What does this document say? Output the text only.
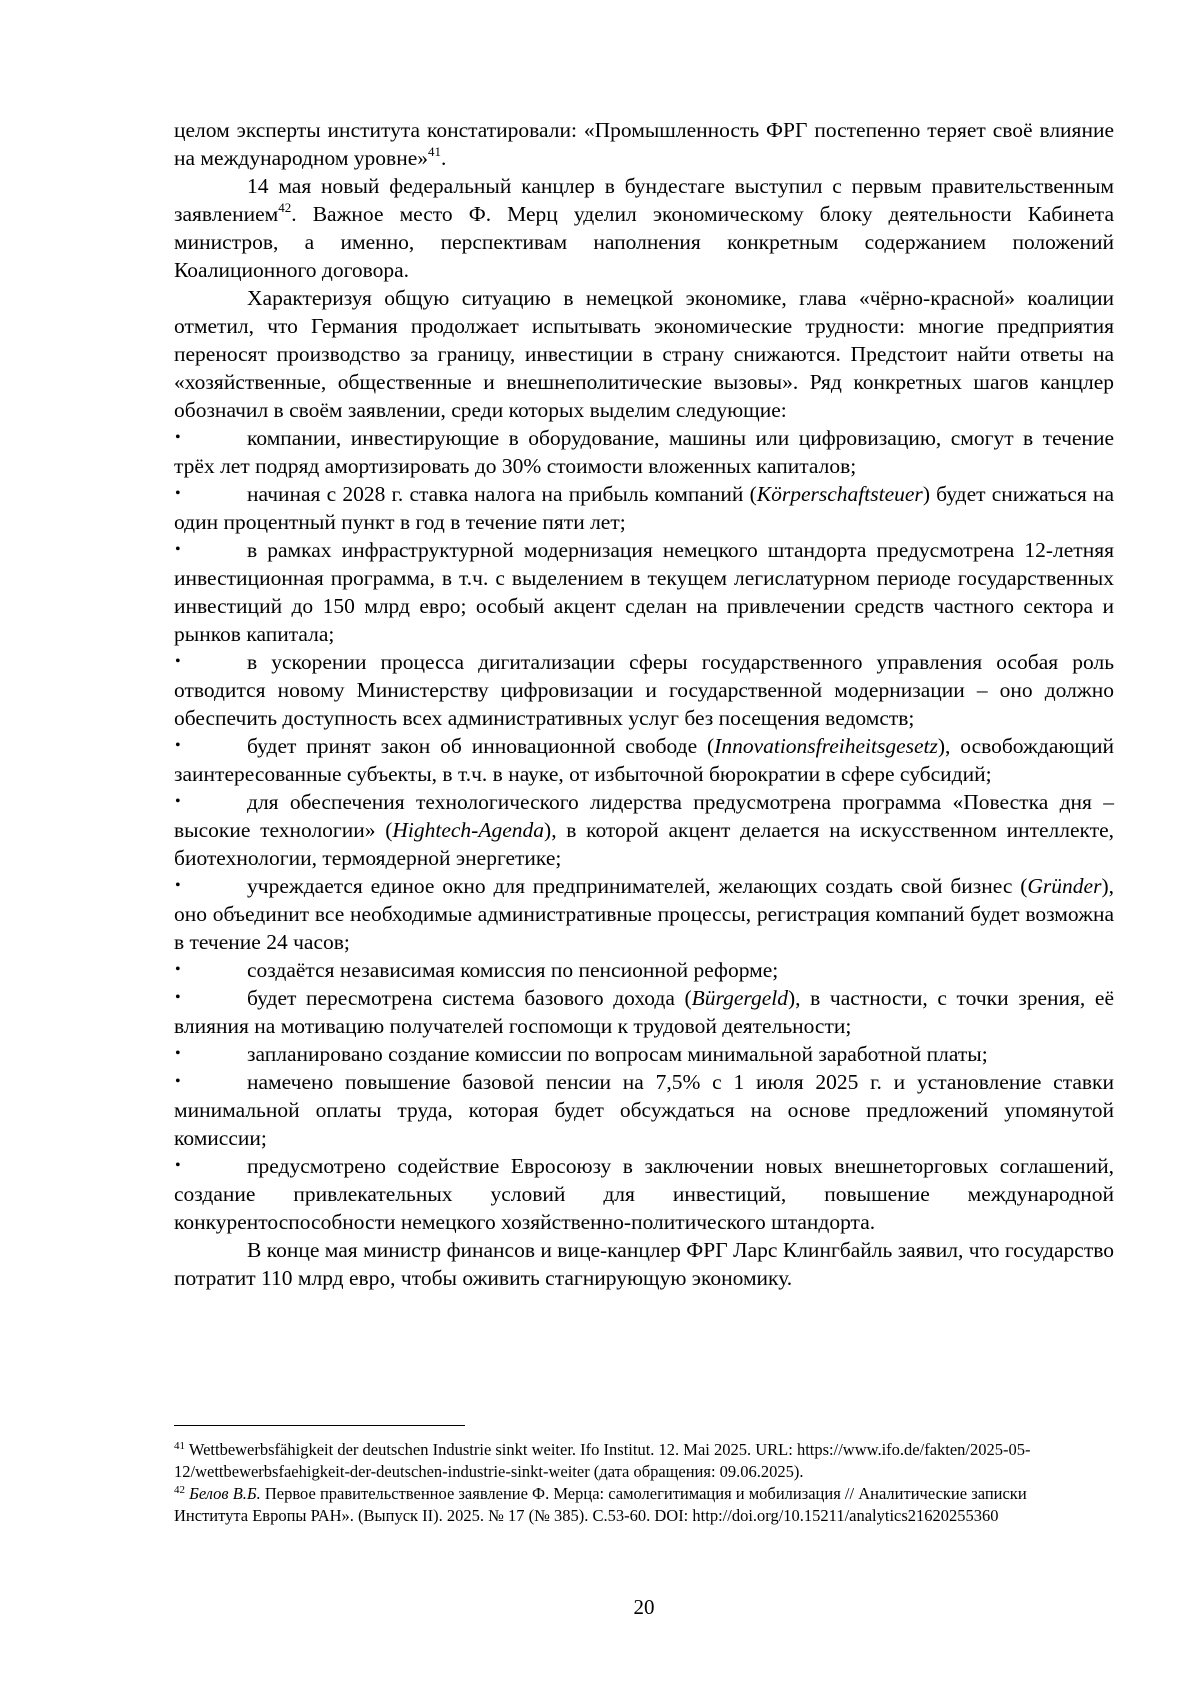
целом эксперты института констатировали: «Промышленность ФРГ постепенно теряет своё влияние на международном уровне»$^{41}$.

14 мая новый федеральный канцлер в бундестаге выступил с первым правительственным заявлением$^{42}$. Важное место Ф. Мерц уделил экономическому блоку деятельности Кабинета министров, а именно, перспективам наполнения конкретным содержанием положений Коалиционного договора.

Характеризуя общую ситуацию в немецкой экономике, глава «чёрно-красной» коалиции отметил, что Германия продолжает испытывать экономические трудности: многие предприятия переносят производство за границу, инвестиции в страну снижаются. Предстоит найти ответы на «хозяйственные, общественные и внешнеполитические вызовы». Ряд конкретных шагов канцлер обозначил в своём заявлении, среди которых выделим следующие:

•	компании, инвестирующие в оборудование, машины или цифровизацию, смогут в течение трёх лет подряд амортизировать до 30% стоимости вложенных капиталов;

•	начиная с 2028 г. ставка налога на прибыль компаний (Körperschaftsteuer) будет снижаться на один процентный пункт в год в течение пяти лет;

•	в рамках инфраструктурной модернизация немецкого штандорта предусмотрена 12-летняя инвестиционная программа, в т.ч. с выделением в текущем легислатурном периоде государственных инвестиций до 150 млрд евро; особый акцент сделан на привлечении средств частного сектора и рынков капитала;

•	в ускорении процесса дигитализации сферы государственного управления особая роль отводится новому Министерству цифровизации и государственной модернизации – оно должно обеспечить доступность всех административных услуг без посещения ведомств;

•	будет принят закон об инновационной свободе (Innovationsfreiheitsgesetz), освобождающий заинтересованные субъекты, в т.ч. в науке, от избыточной бюрократии в сфере субсидий;

•	для обеспечения технологического лидерства предусмотрена программа «Повестка дня – высокие технологии» (Hightech-Agenda), в которой акцент делается на искусственном интеллекте, биотехнологии, термоядерной энергетике;

•	учреждается единое окно для предпринимателей, желающих создать свой бизнес (Gründer), оно объединит все необходимые административные процессы, регистрация компаний будет возможна в течение 24 часов;

•	создаётся независимая комиссия по пенсионной реформе;

•	будет пересмотрена система базового дохода (Bürgergeld), в частности, с точки зрения, её влияния на мотивацию получателей госпомощи к трудовой деятельности;

•	запланировано создание комиссии по вопросам минимальной заработной платы;

•	намечено повышение базовой пенсии на 7,5% с 1 июля 2025 г. и установление ставки минимальной оплаты труда, которая будет обсуждаться на основе предложений упомянутой комиссии;

•	предусмотрено содействие Евросоюзу в заключении новых внешнеторговых соглашений, создание привлекательных условий для инвестиций, повышение международной конкурентоспособности немецкого хозяйственно-политического штандорта.

В конце мая министр финансов и вице-канцлер ФРГ Ларс Клингбайль заявил, что государство потратит 110 млрд евро, чтобы оживить стагнирующую экономику.

$^{41}$ Wettbewerbsfähigkeit der deutschen Industrie sinkt weiter. Ifo Institut. 12. Mai 2025. URL: https://www.ifo.de/fakten/2025-05-12/wettbewerbsfaehigkeit-der-deutschen-industrie-sinkt-weiter (дата обращения: 09.06.2025).

$^{42}$ Белов В.Б. Первое правительственное заявление Ф. Мерца: самолегитимация и мобилизация // Аналитические записки Института Европы РАН». (Выпуск II). 2025. № 17 (№ 385). С.53-60. DOI: http://doi.org/10.15211/analytics21620255360

20
